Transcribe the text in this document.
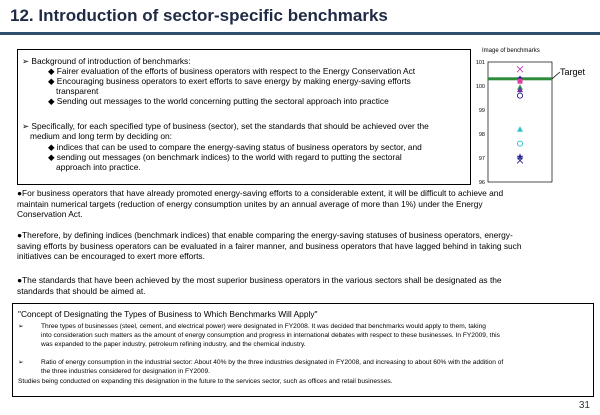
12. Introduction of sector-specific benchmarks
➢ Background of introduction of benchmarks:
◆ Fairer evaluation of the efforts of business operators with respect to the Energy Conservation Act
◆ Encouraging business operators to exert efforts to save energy by making energy-saving efforts
transparent
◆ Sending out messages to the world concerning putting the sectoral approach into practice
➢ Specifically, for each specified type of business (sector), set the standards that should be achieved over the
medium and long term by deciding on:
◆ indices that can be used to compare the energy-saving status of business operators by sector, and
◆ sending out messages (on benchmark indices) to the world with regard to putting the sectoral
approach into practice.
Image of benchmarks
101
100
99
98
97
96
Target
●For business operators that have already promoted energy-saving efforts to a considerable extent, it will be difficult to achieve and
maintain numerical targets (reduction of energy consumption unites by an annual average of more than 1%) under the Energy
Conservation Act.
●Therefore, by defining indices (benchmark indices) that enable comparing the energy-saving statuses of business operators, energy-
saving efforts by business operators can be evaluated in a fairer manner, and business operators that have lagged behind in taking such
initiatives can be encouraged to exert more efforts.
●The standards that have been achieved by the most superior business operators in the various sectors shall be designated as the
standards that should be aimed at.
"Concept of Designating the Types of Business to Which Benchmarks Will Apply"
➢	Three types of businesses (steel, cement, and electrical power) were designated in FY2008. It was decided that benchmarks would apply to them, taking
into consideration such matters as the amount of energy consumption and progress in international debates with respect to these businesses. In FY2009, this
was expanded to the paper industry, petroleum refining industry, and the chemical industry.
➢	Ratio of energy consumption in the industrial sector: About 40% by the three industries designated in FY2008, and increasing to about 60% with the addition of
the three industries considered for designation in FY2009.
Studies being conducted on expanding this designation in the future to the services sector, such as offices and retail businesses.
31
